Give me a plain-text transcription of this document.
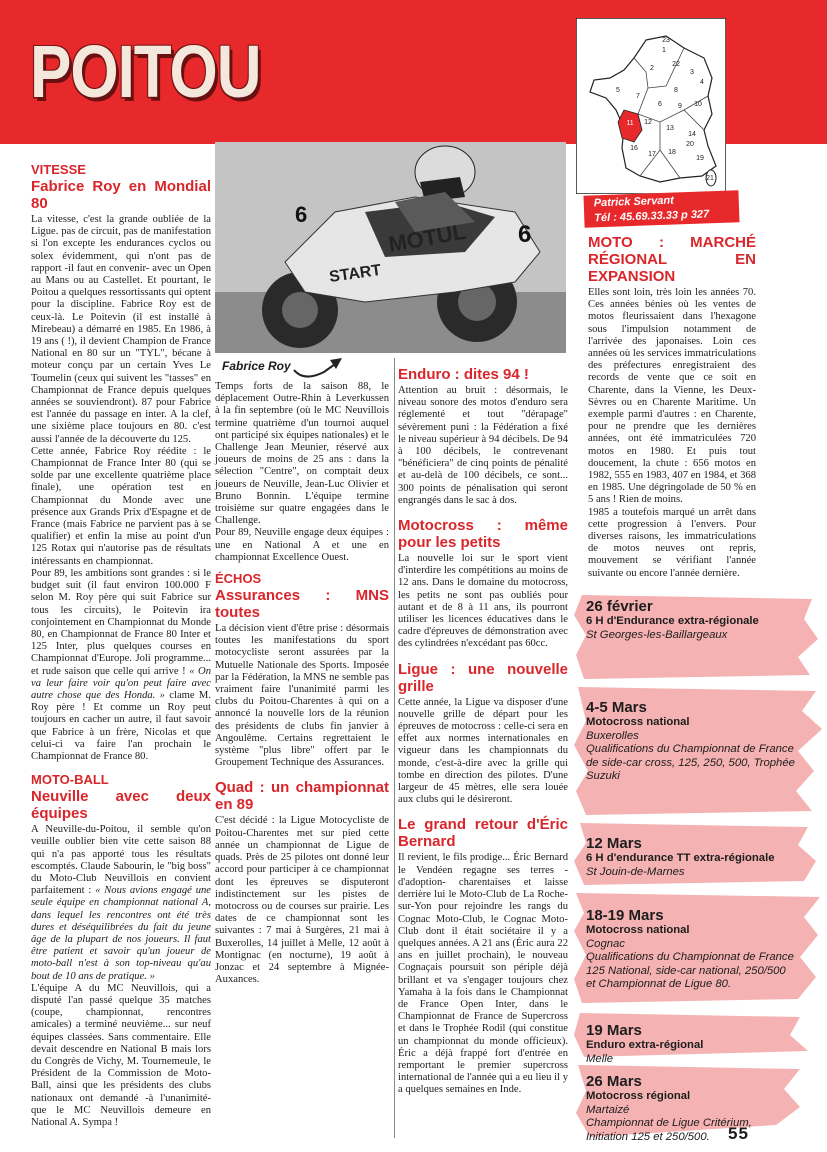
POITOU	1
22
2
3
4
5
7
8
6 9 10
11 12
13
14
16
17 18
19
20
21
23
Patrick Servant
Tél : 45.69.33.33 p 327
MOTUL
START
6
6
Fabrice Roy
VITESSE
Fabrice Roy en Mondial 80

La vitesse, c'est la grande oubliée de la Ligue. pas de circuit, pas de manifestation si l'on excepte les endurances cyclos ou solex évidemment, qui n'ont pas de rapport -il faut en convenir- avec un Open au Mans ou au Castellet. Et pourtant, le Poitou a quelques ressortissants qui optent pour la discipline. Fabrice Roy est de ceux-là. Le Poitevin (il est installé à Mirebeau) a démarré en 1985. En 1986, à 19 ans ( !), il devient Champion de France National en 80 sur un "TYL", bécane à moteur conçu par un certain Yves Le Toumelin (ceux qui suivent les "tasses" en Championnat de France depuis quelques années se souviendront). 87 pour Fabrice est l'année du passage en inter. A la clef, une sixième place toujours en 80. c'est aussi l'année de la découverte du 125.

Cette année, Fabrice Roy réédite : le Championnat de France Inter 80 (qui se solde par une excellente quatrième place finale), une opération test en Championnat du Monde avec une présence aux Grands Prix d'Espagne et de France (mais Fabrice ne parvient pas à se qualifier) et enfin la mise au point d'un 125 Rotax qui n'autorise pas de résultats intéressants en championnat.

Pour 89, les ambitions sont grandes : si le budget suit (il faut environ 100.000 F selon M. Roy père qui suit Fabrice sur tous les circuits), le Poitevin ira conjointement en Championnat du Monde 80, en Championnat de France 80 Inter et 125 Inter, plus quelques courses en Championnat d'Europe. Joli programme... et rude saison que celle qui arrive ! « On va leur faire voir qu'on peut faire avec autre chose que des Honda. » clame M. Roy père ! Et comme un Roy peut toujours en cacher un autre, il faut savoir que Fabrice à un frère, Nicolas et que celui-ci va faire l'an prochain le Championnat de France 80.

MOTO-BALL
Neuville avec deux équipes

A Neuville-du-Poitou, il semble qu'on veuille oublier bien vite cette saison 88 qui n'a pas apporté tous les résultats escomptés. Claude Sabourin, le "big boss" du Moto-Club Neuvillois en convient parfaitement : « Nous avions engagé une seule équipe en championnat national A, dans lequel les rencontres ont été très dures et déséquilibrées du fait du jeune âge de la plupart de nos joueurs. Il faut être patient et savoir qu'un joueur de moto-ball n'est à son top-niveau qu'au bout de 10 ans de pratique. »

L'équipe A du MC Neuvillois, qui a disputé l'an passé quelque 35 matches (coupe, championnat, rencontres amicales) a terminé neuvième... sur neuf équipes classées. Sans commentaire. Elle devait descendre en National B mais lors du Congrès de Vichy, M. Tournemeule, le Président de la Commission de Moto-Ball, ainsi que les présidents des clubs nationaux ont demandé -à l'unanimité- que le MC Neuvillois demeure en National A. Sympa !

Temps forts de la saison 88, le déplacement Outre-Rhin à Leverkussen à la fin septembre (où le MC Neuvillois termine quatrième d'un tournoi auquel ont participé six équipes nationales) et le Challenge Jean Meunier, réservé aux joueurs de moins de 25 ans : dans la sélection "Centre", on comptait deux joueurs de Neuville, Jean-Luc Olivier et Bruno Bonnin. L'équipe termine troisième sur quatre engagées dans le Challenge.

Pour 89, Neuville engage deux équipes : une en National A et une en championnat Excellence Ouest.

ÉCHOS
Assurances : MNS toutes

La décision vient d'être prise : désormais toutes les manifestations du sport motocycliste seront assurées par la Mutuelle Nationale des Sports. Imposée par la Fédération, la MNS ne semble pas vraiment faire l'unanimité parmi les clubs du Poitou-Charentes à qui on a annoncé la nouvelle lors de la réunion des présidents de clubs fin janvier à Angoulême. Certains regrettaient le système "plus libre" offert par le Groupement Technique des Assurances.

Quad : un championnat en 89

C'est décidé : la Ligue Motocycliste de Poitou-Charentes met sur pied cette année un championnat de Ligue de quads. Près de 25 pilotes ont donné leur accord pour participer à ce championnat dont les épreuves se disputeront indistinctement sur les pistes de motocross ou de courses sur prairie. Les dates de ce championnat sont les suivantes : 7 mai à Surgères, 21 mai à Buxerolles, 14 juillet à Melle, 12 août à Montignac (en nocturne), 19 août à Jonzac et 24 septembre à Mignée-Auxances.

Enduro : dites 94 !

Attention au bruit : désormais, le niveau sonore des motos d'enduro sera réglementé et tout "dérapage" sévèrement puni : la Fédération a fixé le niveau supérieur à 94 décibels. De 94 à 100 décibels, le contrevenant "bénéficiera" de cinq points de pénalité et au-delà de 100 décibels, ce sont... 300 points de pénalisation qui seront engrangés dans le sac à dos.

Motocross : même pour les petits

La nouvelle loi sur le sport vient d'interdire les compétitions au moins de 12 ans. Dans le domaine du motocross, les petits ne sont pas oubliés pour autant et de 8 à 11 ans, ils pourront utiliser les licences éducatives dans le cadre d'épreuves de démonstration avec des cylindrées n'excédant pas 60cc.

Ligue : une nouvelle grille

Cette année, la Ligue va disposer d'une nouvelle grille de départ pour les épreuves de motocross : celle-ci sera en effet aux normes internationales en vigueur dans les championnats du monde, c'est-à-dire avec la grille qui tombe en direction des pilotes. D'une largeur de 45 mètres, elle sera louée aux clubs qui le désireront.

Le grand retour d'Éric Bernard

Il revient, le fils prodige... Éric Bernard le Vendéen regagne ses terres -d'adoption- charentaises et laisse derrière lui le Moto-Club de La Roche-sur-Yon pour rejoindre les rangs du Cognac Moto-Club, le Cognac Moto-Club dont il était sociétaire il y a quelques années. A 21 ans (Éric aura 22 ans en juillet prochain), le nouveau Cognaçais poursuit son périple déjà brillant et va s'engager toujours chez Yamaha à la fois dans le Championnat de France Open Inter, dans le Championnat de France de Supercross et dans le Trophée Rodil (qui constitue un championnat du monde officieux). Éric a déjà frappé fort d'entrée en remportant le premier supercross international de l'année qui a eu lieu il y a quelques semaines en Inde.

MOTO : MARCHÉ RÉGIONAL EN EXPANSION

Elles sont loin, très loin les années 70. Ces années bénies où les ventes de motos fleurissaient dans l'hexagone sous l'impulsion notamment de l'arrivée des japonaises. Loin ces années où les services immatriculations des préfectures enregistraient des records de vente que ce soit en Charente, dans la Vienne, les Deux-Sèvres ou en Charente Maritime. Un exemple parmi d'autres : en Charente, pour ne prendre que les dernières années, ont été immatriculées 720 motos en 1980. Et puis tout doucement, la chute : 656 motos en 1982, 555 en 1983, 407 en 1984, et 368 en 1985. Une dégringolade de 50 % en 5 ans ! Rien de moins.

1985 a toutefois marqué un arrêt dans cette progression à l'envers. Pour diverses raisons, les immatriculations de motos neuves ont repris, mouvement se vérifiant l'année suivante ou encore l'année dernière.

26 février
6 H d'Endurance extra-régionale
St Georges-les-Baillargeaux
4-5 Mars
Motocross national
Buxerolles
Qualifications du Championnat de France de side-car cross, 125, 250, 500, Trophée Suzuki
12 Mars
6 H d'endurance TT extra-régionale
St Jouin-de-Marnes
18-19 Mars
Motocross national
Cognac
Qualifications du Championnat de France 125 National, side-car national, 250/500 et Championnat de Ligue 80.
19 Mars
Enduro extra-régional
Melle
26 Mars
Motocross régional
Martaizé
Championnat de Ligue Critérium, Initiation 125 et 250/500.	55
